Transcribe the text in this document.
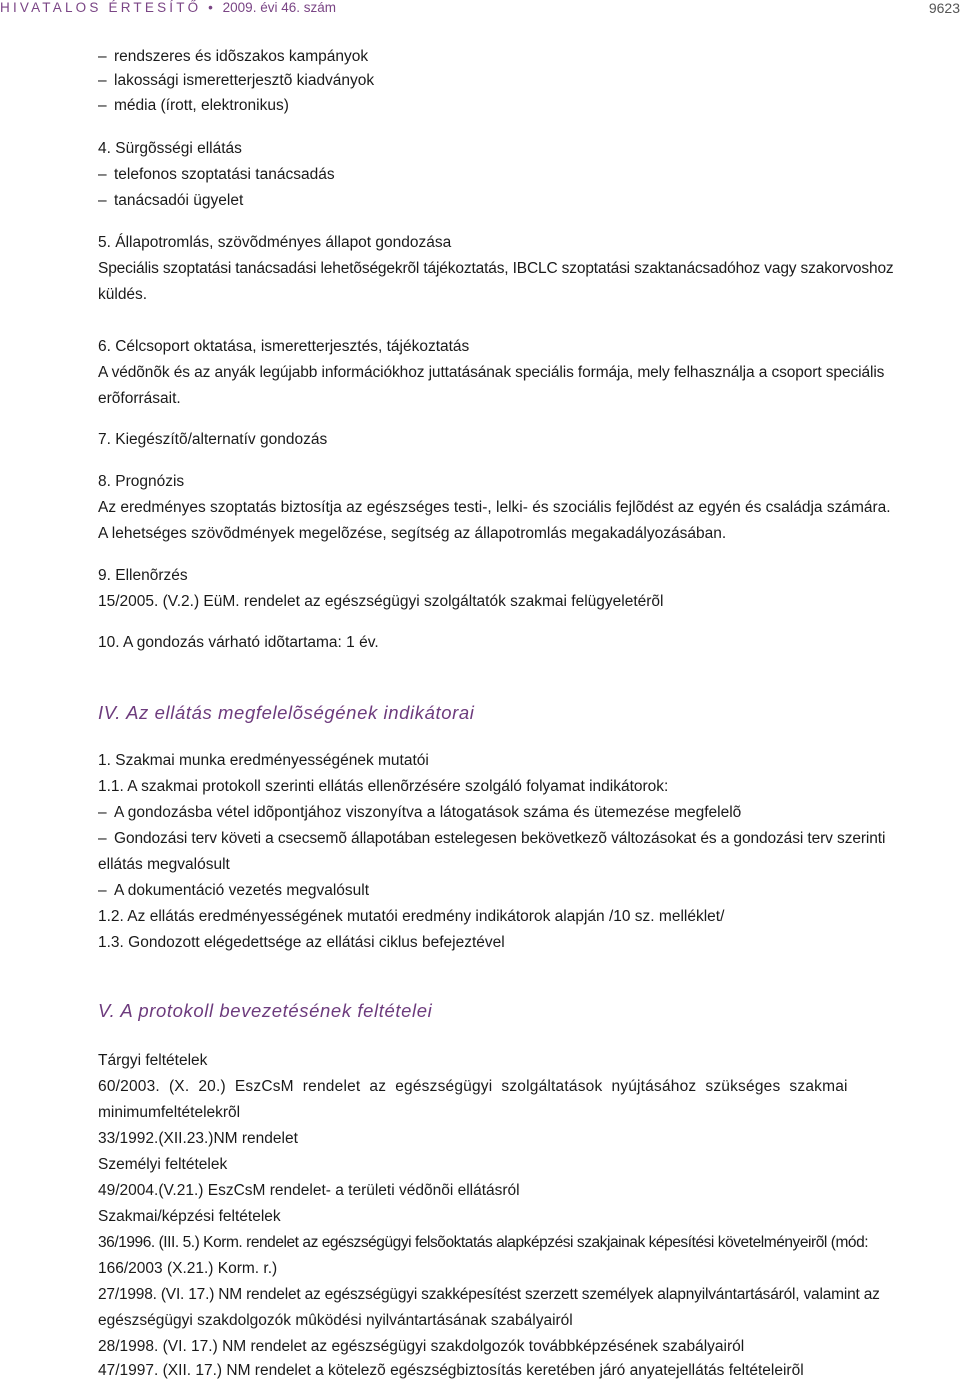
HIVATALOS ÉRTESÍTŐ • 2009. évi 46. szám	9623
– rendszeres és idõszakos kampányok
– lakossági ismeretterjesztõ kiadványok
– média (írott, elektronikus)
4. Sürgõsségi ellátás
– telefonos szoptatási tanácsadás
– tanácsadói ügyelet
5. Állapotromlás, szövõdményes állapot gondozása
Speciális szoptatási tanácsadási lehetõségekrõl tájékoztatás, IBCLC szoptatási szaktanácsadóhoz vagy szakorvoshoz
küldés.
6. Célcsoport oktatása, ismeretterjesztés, tájékoztatás
A védõnõk és az anyák legújabb információkhoz juttatásának speciális formája, mely felhasználja a csoport speciális
erõforrásait.
7. Kiegészítõ/alternatív gondozás
8. Prognózis
Az eredményes szoptatás biztosítja az egészséges testi-, lelki- és szociális fejlõdést az egyén és családja számára.
A lehetséges szövõdmények megelõzése, segítség az állapotromlás megakadályozásában.
9. Ellenõrzés
15/2005. (V.2.) EüM. rendelet az egészségügyi szolgáltatók szakmai felügyeletérõl
10. A gondozás várható idõtartama: 1 év.
IV. Az ellátás megfelelõségének indikátorai
1. Szakmai munka eredményességének mutatói
1.1. A szakmai protokoll szerinti ellátás ellenõrzésére szolgáló folyamat indikátorok:
– A gondozásba vétel idõpontjához viszonyítva a látogatások száma és ütemezése megfelelõ
– Gondozási terv követi a csecsemõ állapotában estelegesen bekövetkezõ változásokat és a gondozási terv szerinti
ellátás megvalósult
– A dokumentáció vezetés megvalósult
1.2. Az ellátás eredményességének mutatói eredmény indikátorok alapján /10 sz. melléklet/
1.3. Gondozott elégedettsége az ellátási ciklus befejeztével
V. A protokoll bevezetésének feltételei
Tárgyi feltételek
60/2003.  (X.  20.)  EszCsM  rendelet  az  egészségügyi  szolgáltatások  nyújtásához  szükséges  szakmai
minimumfeltételekrõl
33/1992.(XII.23.)NM rendelet
Személyi feltételek
49/2004.(V.21.) EszCsM rendelet- a területi védõnõi ellátásról
Szakmai/képzési feltételek
36/1996. (III. 5.) Korm. rendelet az egészségügyi felsõoktatás alapképzési szakjainak képesítési követelményeirõl (mód:
166/2003 (X.21.) Korm. r.)
27/1998. (VI. 17.) NM rendelet az egészségügyi szakképesítést szerzett személyek alapnyilvántartásáról, valamint az
egészségügyi szakdolgozók mûködési nyilvántartásának szabályairól
28/1998. (VI. 17.) NM rendelet az egészségügyi szakdolgozók továbbképzésének szabályairól
47/1997. (XII. 17.) NM rendelet a kötelezõ egészségbiztosítás keretében járó anyatejellátás feltételeirõl
